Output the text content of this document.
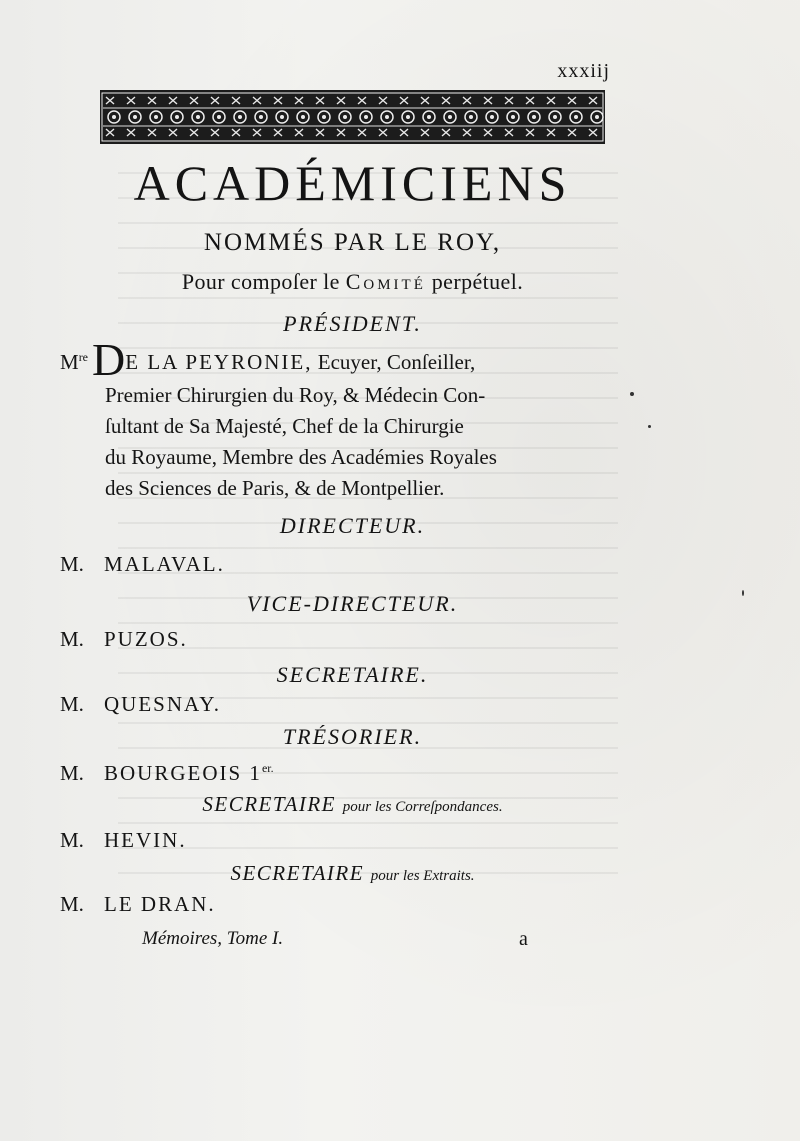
xxxiij
ACADÉMICIENS
NOMMÉS PAR LE ROY,
Pour compoſer le Comité perpétuel.
PRÉSIDENT.
MreDE LA PEYRONIE, Ecuyer, Conſeiller,
Premier Chirurgien du Roy, & Médecin Con-
ſultant de Sa Majesté, Chef de la Chirurgie
du Royaume, Membre des Académies Royales
des Sciences de Paris, & de Montpellier.
DIRECTEUR.
M. MALAVAL.
VICE-DIRECTEUR.
M. PUZOS.
SECRETAIRE.
M. QUESNAY.
TRÉSORIER.
M. BOURGEOIS $1^{er.}$
SECRETAIRE pour les Correſpondances.
M. HEVIN.
SECRETAIRE pour les Extraits.
M. LE DRAN.
Mémoires, Tome I.	a
